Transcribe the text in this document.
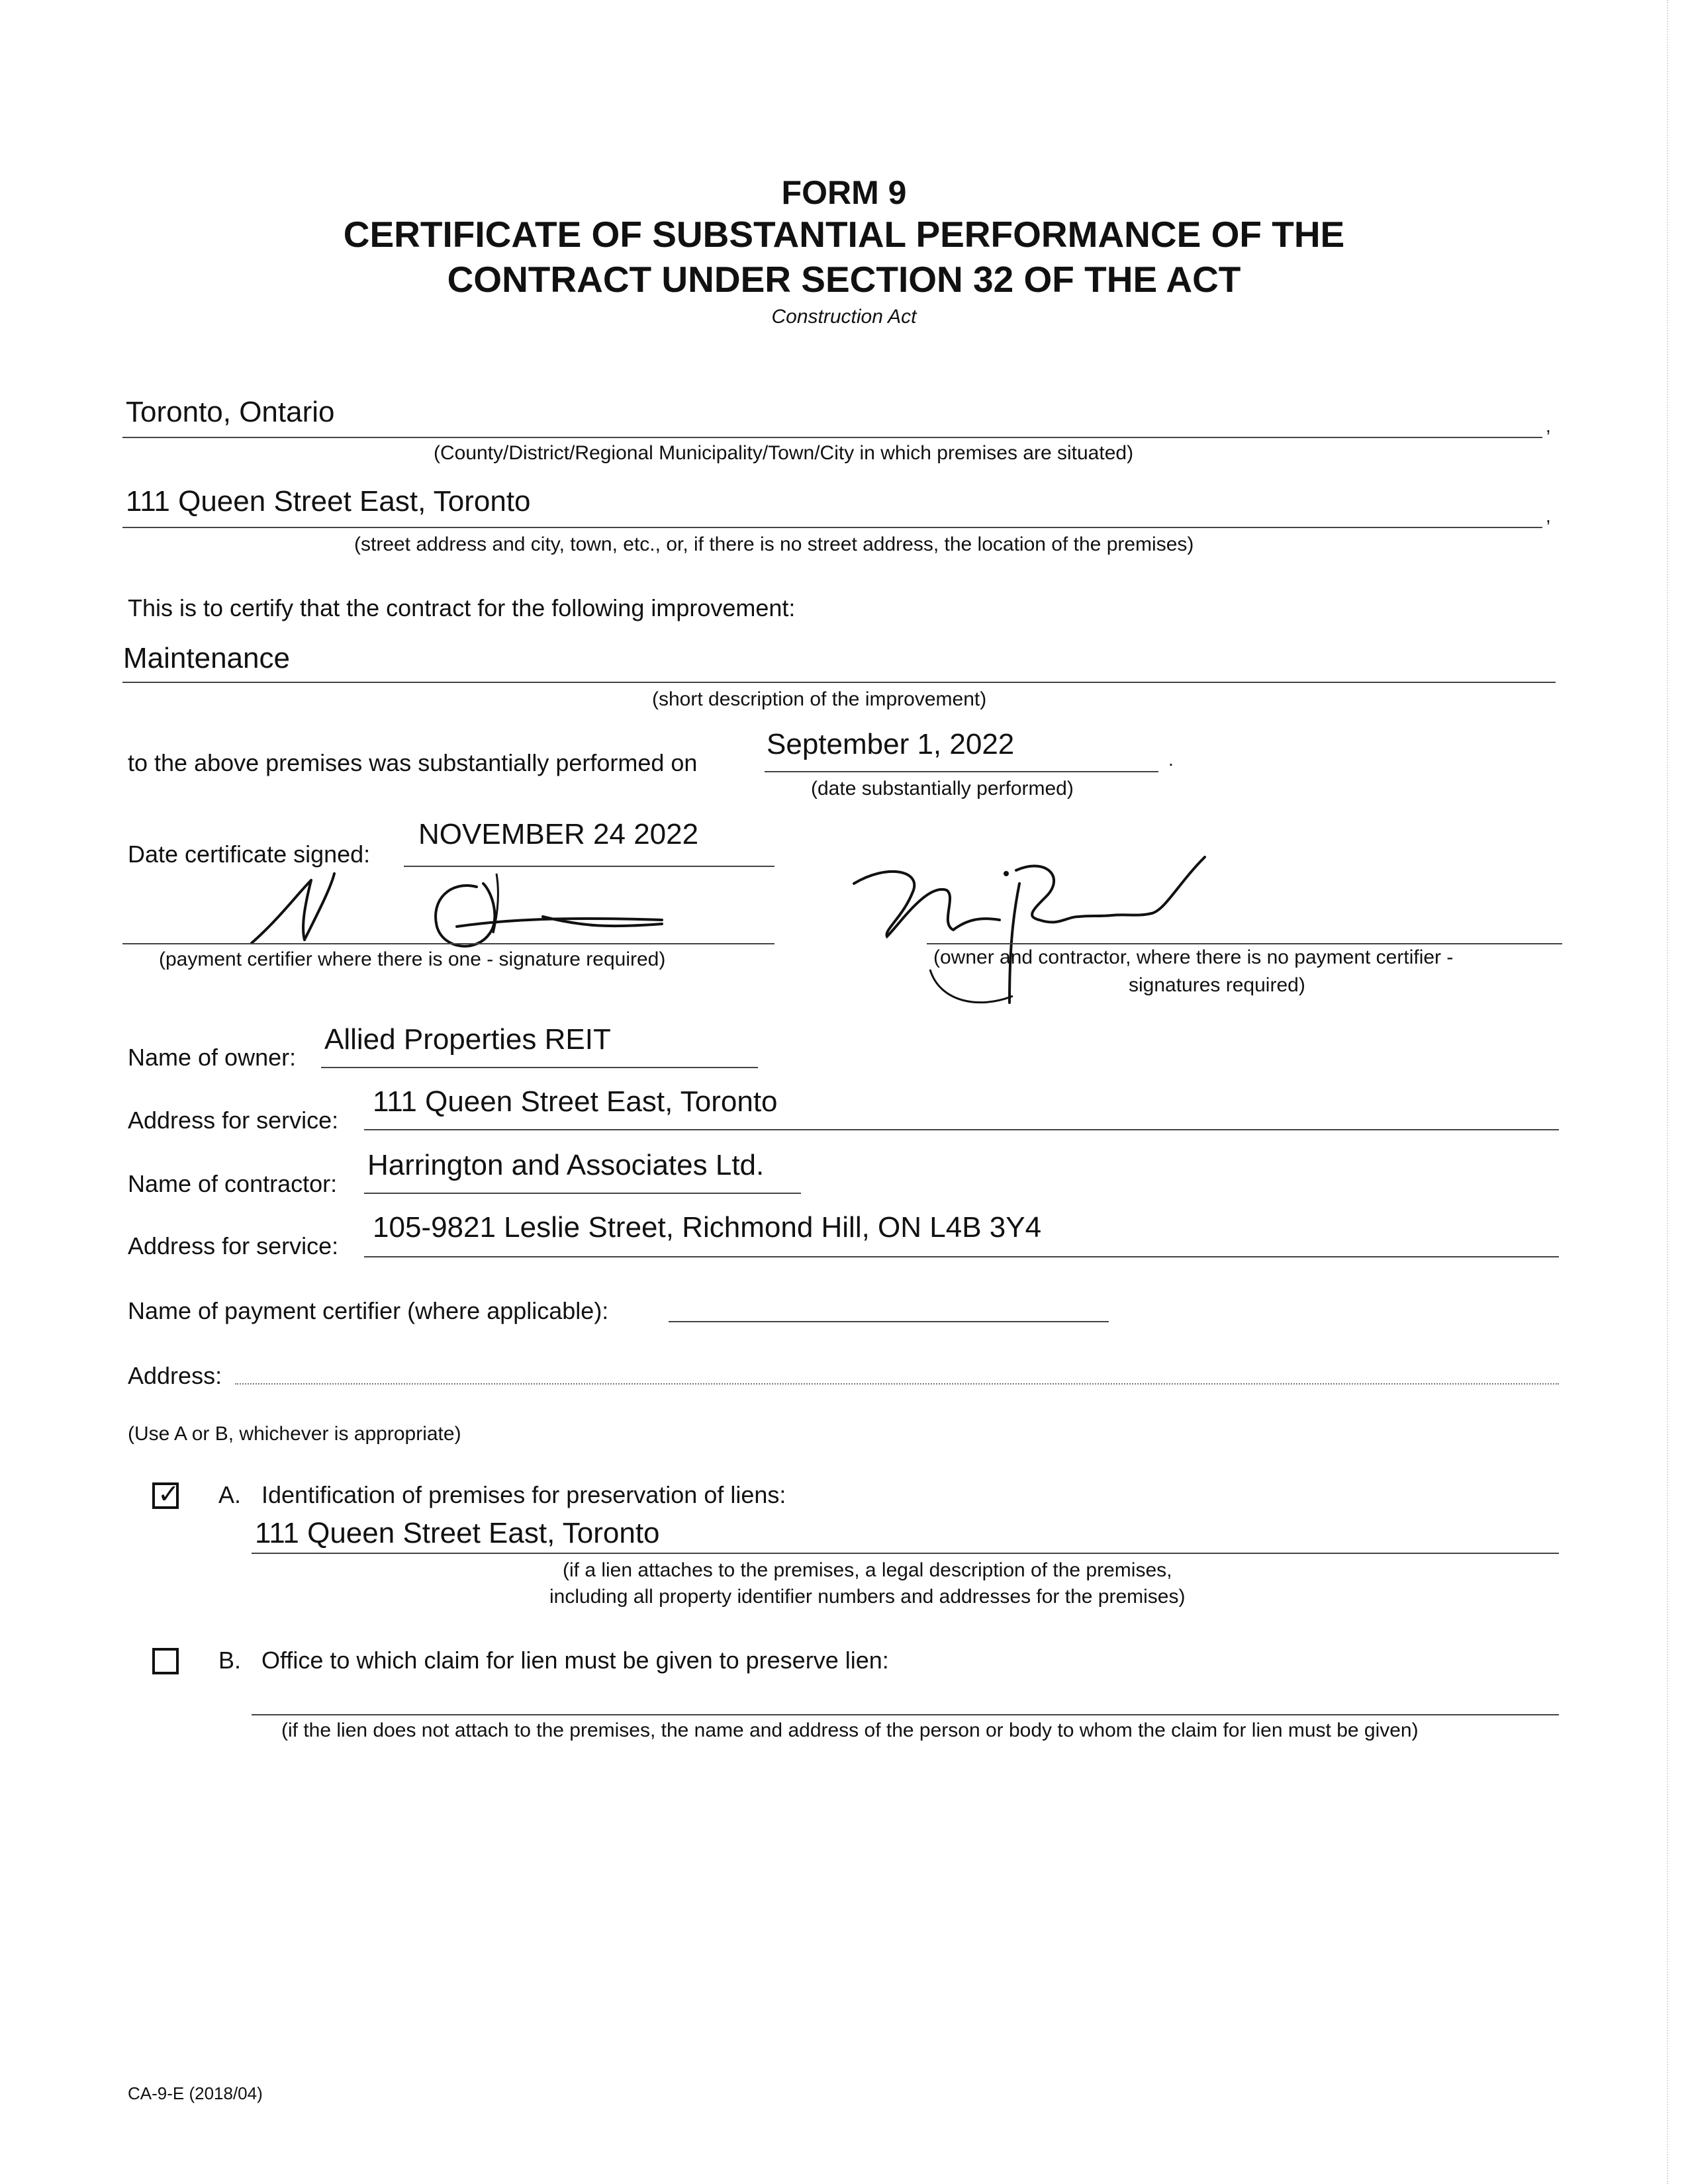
FORM 9
CERTIFICATE OF SUBSTANTIAL PERFORMANCE OF THE
CONTRACT UNDER SECTION 32 OF THE ACT
Construction Act
Toronto, Ontario	,
(County/District/Regional Municipality/Town/City in which premises are situated)
111 Queen Street East, Toronto	,
(street address and city, town, etc., or, if there is no street address, the location of the premises)
This is to certify that the contract for the following improvement:
Maintenance
(short description of the improvement)
to the above premises was substantially performed on
September 1, 2022	.
(date substantially performed)
Date certificate signed:
NOVEMBER 24 2022
(payment certifier where there is one - signature required)	(owner and contractor, where there is no payment certifier -
signatures required)
Name of owner:
Allied Properties REIT
Address for service:
111 Queen Street East, Toronto
Name of contractor:
Harrington and Associates Ltd.
Address for service:
105-9821 Leslie Street, Richmond Hill, ON L4B 3Y4
Name of payment certifier (where applicable):
Address:
(Use A or B, whichever is appropriate)
✓ A. Identification of premises for preservation of liens:
111 Queen Street East, Toronto
(if a lien attaches to the premises, a legal description of the premises,
including all property identifier numbers and addresses for the premises)
B. Office to which claim for lien must be given to preserve lien:
(if the lien does not attach to the premises, the name and address of the person or body to whom the claim for lien must be given)
CA-9-E (2018/04)
